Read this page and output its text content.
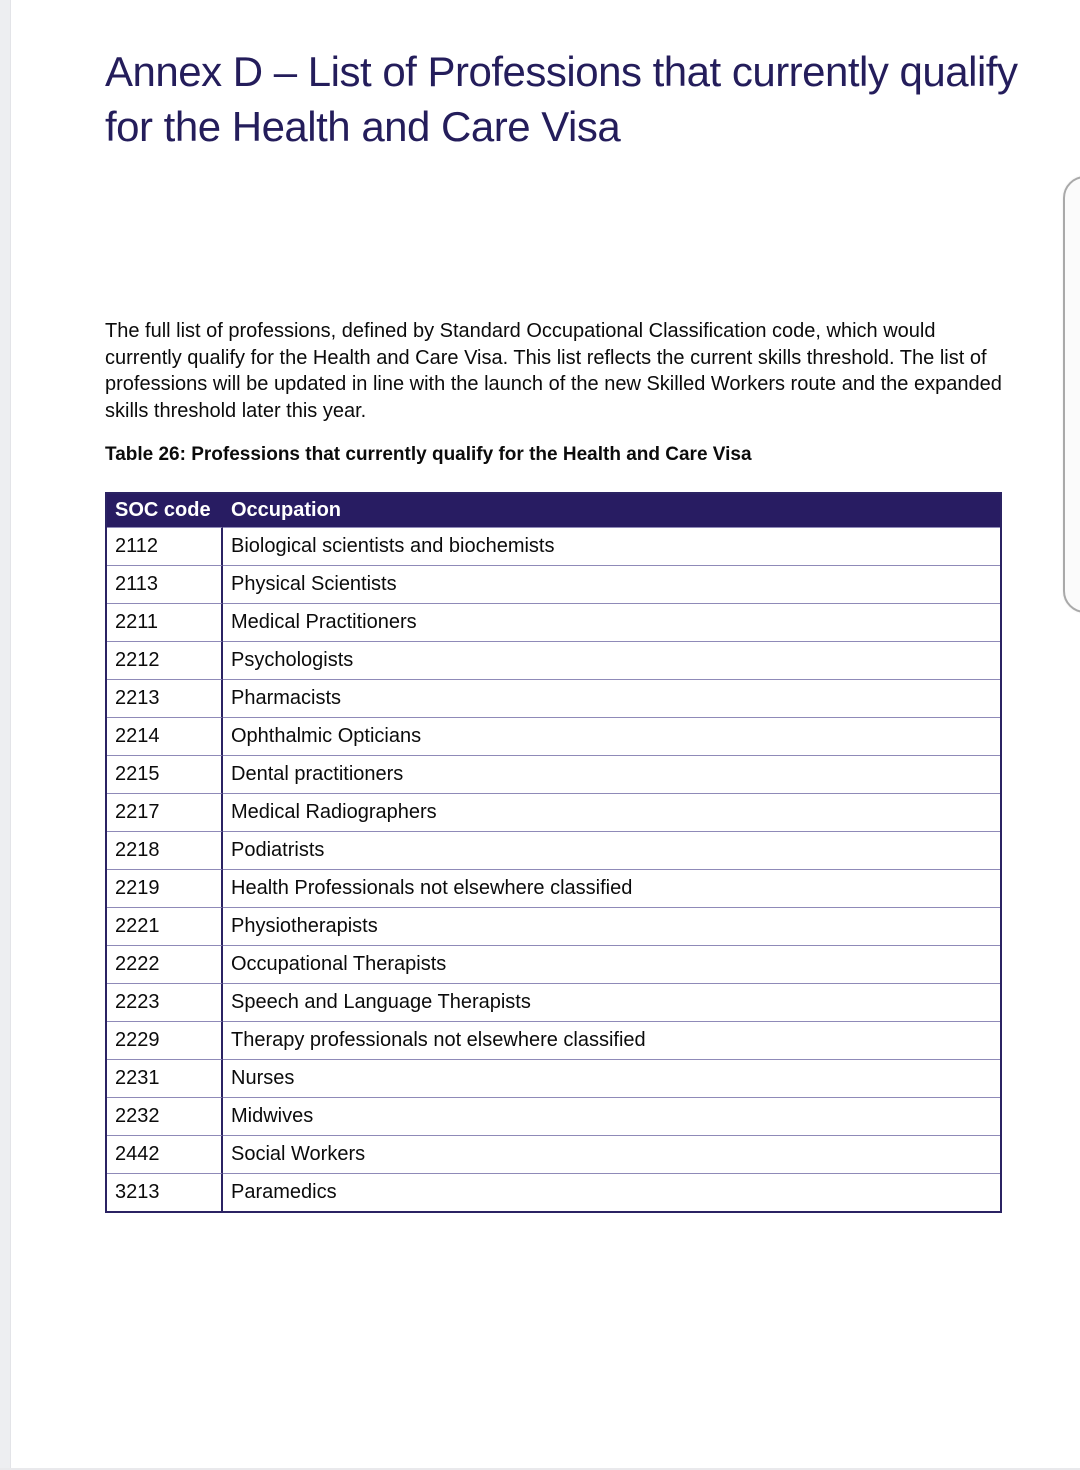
Annex D – List of Professions that currently qualify for the Health and Care Visa

The full list of professions, defined by Standard Occupational Classification code, which would currently qualify for the Health and Care Visa. This list reflects the current skills threshold. The list of professions will be updated in line with the launch of the new Skilled Workers route and the expanded skills threshold later this year.

Table 26: Professions that currently qualify for the Health and Care Visa

SOC code	Occupation
2112	Biological scientists and biochemists
2113	Physical Scientists
2211	Medical Practitioners
2212	Psychologists
2213	Pharmacists
2214	Ophthalmic Opticians
2215	Dental practitioners
2217	Medical Radiographers
2218	Podiatrists
2219	Health Professionals not elsewhere classified
2221	Physiotherapists
2222	Occupational Therapists
2223	Speech and Language Therapists
2229	Therapy professionals not elsewhere classified
2231	Nurses
2232	Midwives
2442	Social Workers
3213	Paramedics
